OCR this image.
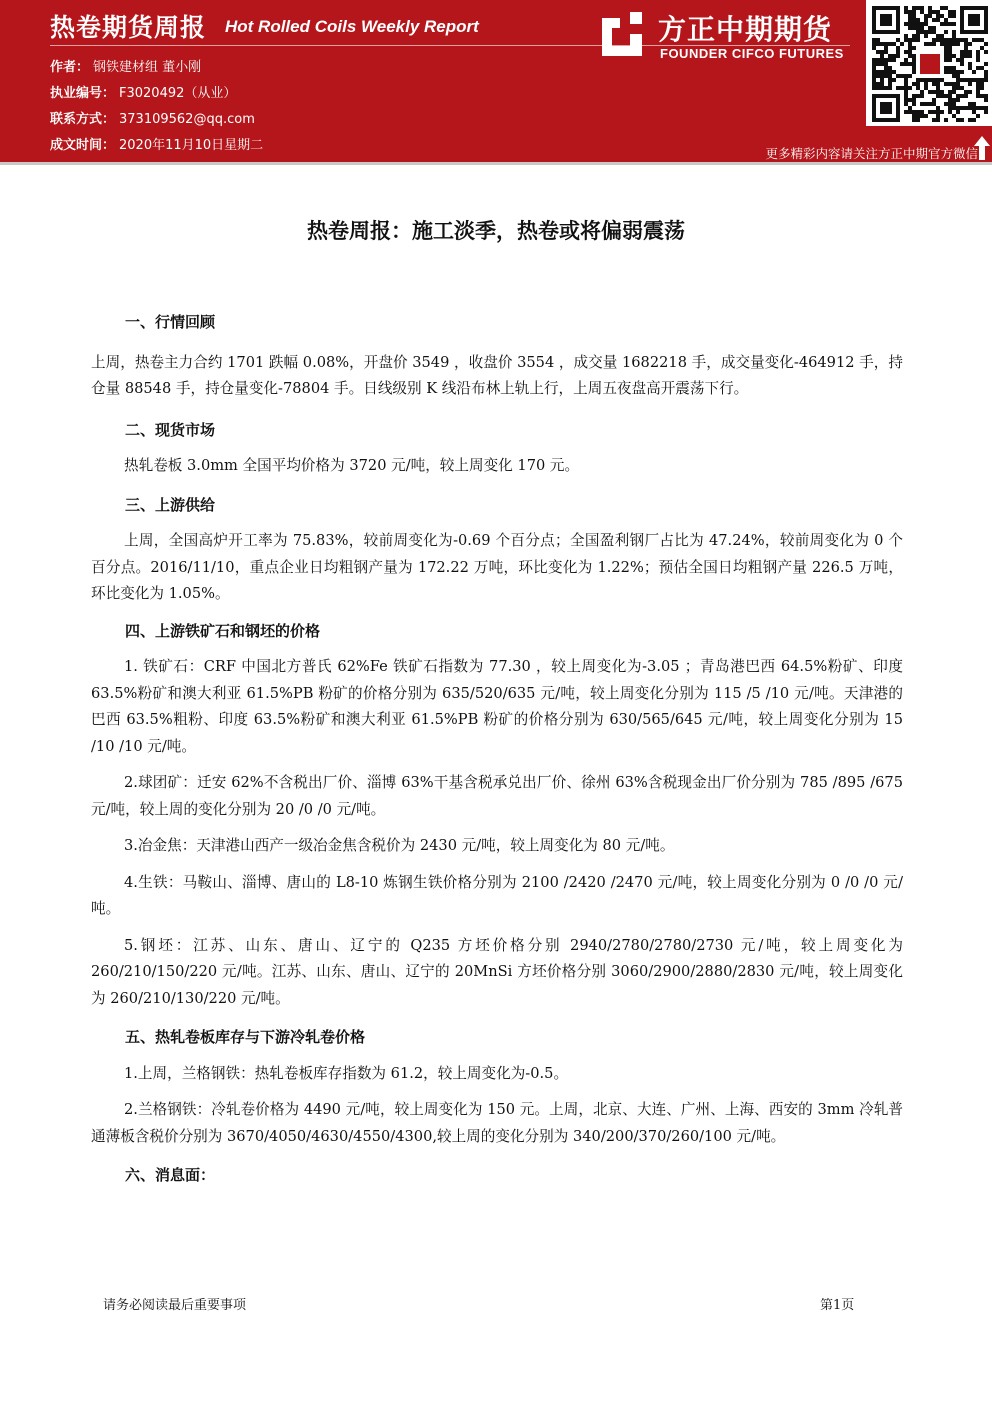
热卷期货周报 Hot Rolled Coils Weekly Report
作者： 钢铁建材组 董小刚
执业编号： F3020492（从业）
联系方式： 373109562@qq.com
成文时间： 2020年11月10日星期二
方正中期期货
FOUNDER CIFCO FUTURES
更多精彩内容请关注方正中期官方微信
热卷周报：施工淡季，热卷或将偏弱震荡

一、行情回顾

上周，热卷主力合约 1701 跌幅 0.08%，开盘价 3549 ，收盘价 3554 ，成交量 1682218 手，成交量变化-464912 手，持仓量 88548 手，持仓量变化-78804 手。日线级别 K 线沿布林上轨上行，上周五夜盘高开震荡下行。

二、现货市场

热轧卷板 3.0mm 全国平均价格为 3720 元/吨，较上周变化 170 元。

三、上游供给

上周，全国高炉开工率为 75.83%，较前周变化为-0.69 个百分点；全国盈利钢厂占比为 47.24%，较前周变化为 0 个百分点。2016/11/10，重点企业日均粗钢产量为 172.22 万吨，环比变化为 1.22%；预估全国日均粗钢产量 226.5 万吨，环比变化为 1.05%。

四、上游铁矿石和钢坯的价格

1. 铁矿石：CRF 中国北方普氏 62%Fe 铁矿石指数为 77.30 ，较上周变化为-3.05 ；青岛港巴西 64.5%粉矿、印度 63.5%粉矿和澳大利亚 61.5%PB 粉矿的价格分别为 635/520/635 元/吨，较上周变化分别为 115 /5 /10 元/吨。天津港的巴西 63.5%粗粉、印度 63.5%粉矿和澳大利亚 61.5%PB 粉矿的价格分别为 630/565/645 元/吨，较上周变化分别为 15 /10 /10 元/吨。

2.球团矿：迁安 62%不含税出厂价、淄博 63%干基含税承兑出厂价、徐州 63%含税现金出厂价分别为 785 /895 /675 元/吨，较上周的变化分别为 20 /0 /0 元/吨。

3.冶金焦：天津港山西产一级冶金焦含税价为 2430 元/吨，较上周变化为 80 元/吨。

4.生铁：马鞍山、淄博、唐山的 L8-10 炼钢生铁价格分别为 2100 /2420 /2470 元/吨，较上周变化分别为 0 /0 /0 元/吨。

5.钢坯：江苏、山东、唐山、辽宁的 Q235 方坯价格分别 2940/2780/2780/2730 元/吨，较上周变化为 260/210/150/220 元/吨。江苏、山东、唐山、辽宁的 20MnSi 方坯价格分别 3060/2900/2880/2830 元/吨，较上周变化为 260/210/130/220 元/吨。

五、热轧卷板库存与下游冷轧卷价格

1.上周，兰格钢铁：热轧卷板库存指数为 61.2，较上周变化为-0.5。

2.兰格钢铁：冷轧卷价格为 4490 元/吨，较上周变化为 150 元。上周，北京、大连、广州、上海、西安的 3mm 冷轧普通薄板含税价分别为 3670/4050/4630/4550/4300,较上周的变化分别为 340/200/370/260/100 元/吨。

六、消息面：

请务必阅读最后重要事项	第1页
